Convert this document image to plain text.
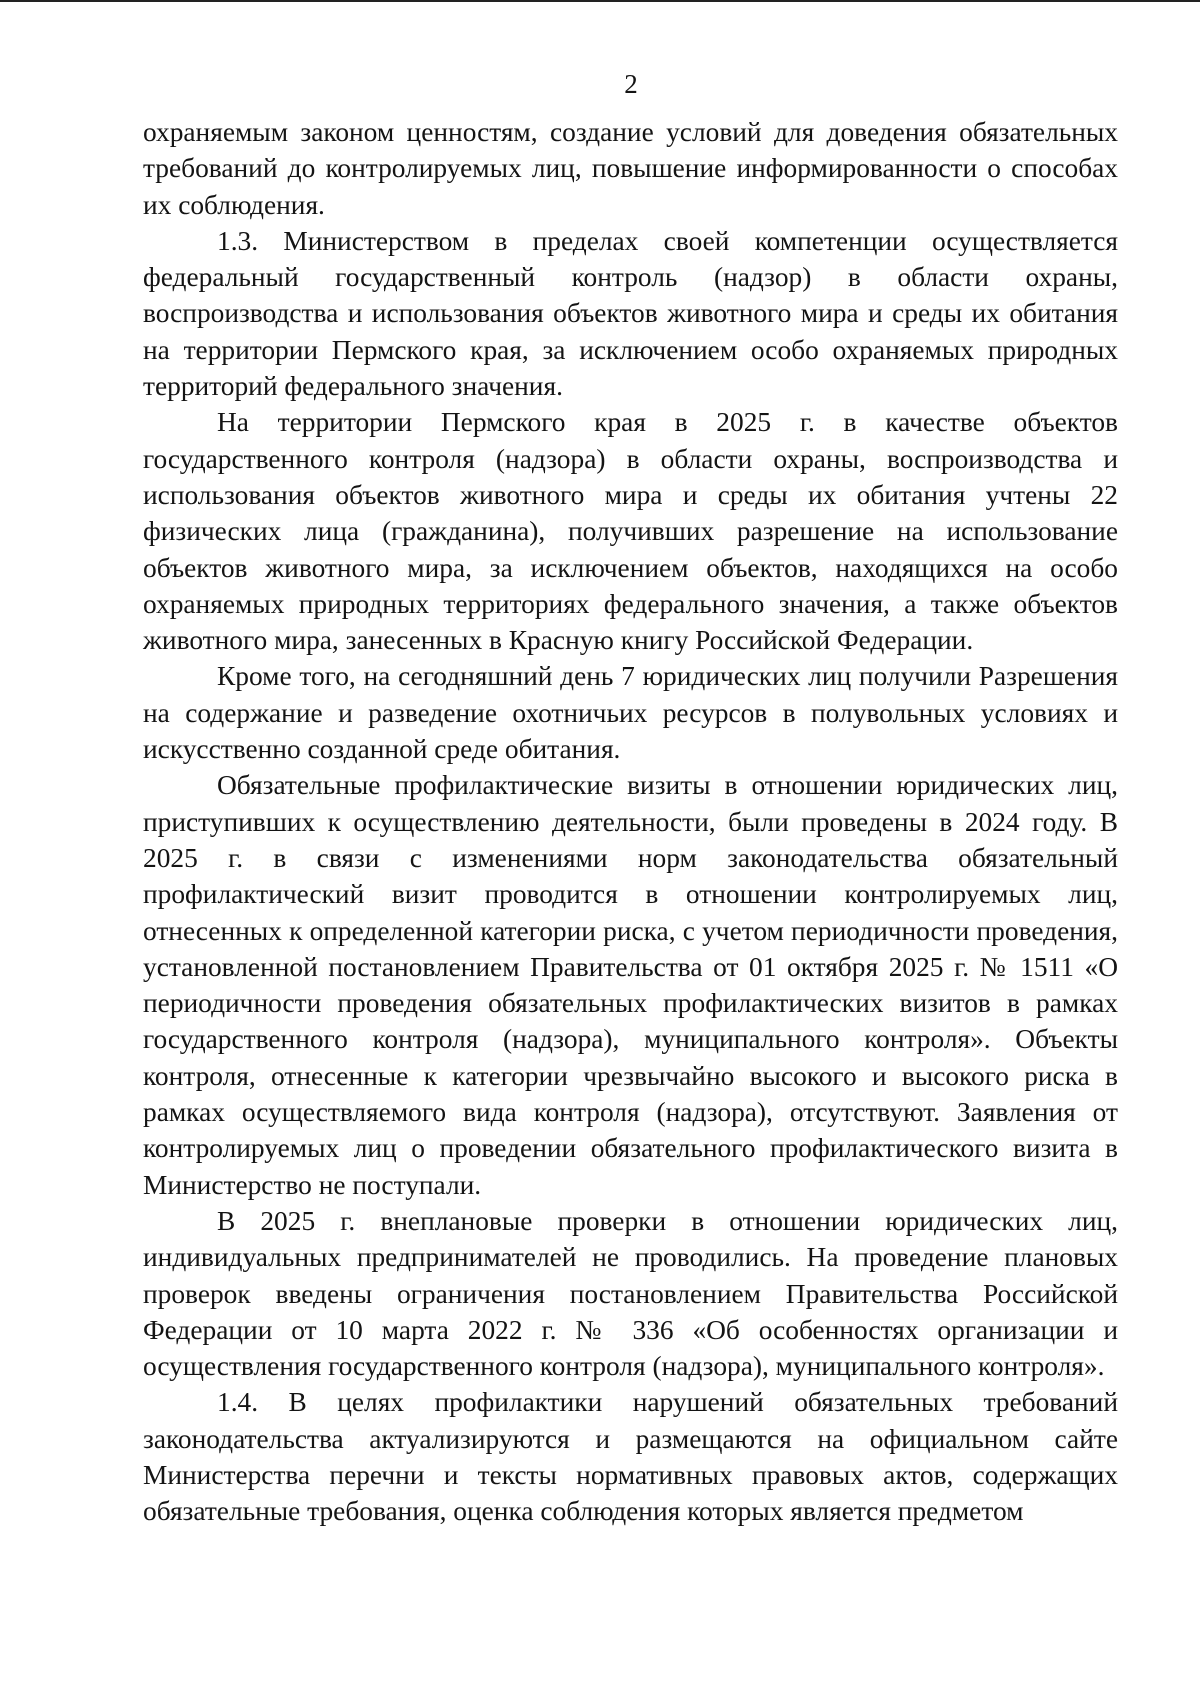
2

охраняемым законом ценностям, создание условий для доведения обязательных требований до контролируемых лиц, повышение информированности о способах их соблюдения.

1.3. Министерством в пределах своей компетенции осуществляется федеральный государственный контроль (надзор) в области охраны, воспроизводства и использования объектов животного мира и среды их обитания на территории Пермского края, за исключением особо охраняемых природных территорий федерального значения.

На территории Пермского края в 2025 г. в качестве объектов государственного контроля (надзора) в области охраны, воспроизводства и использования объектов животного мира и среды их обитания учтены 22 физических лица (гражданина), получивших разрешение на использование объектов животного мира, за исключением объектов, находящихся на особо охраняемых природных территориях федерального значения, а также объектов животного мира, занесенных в Красную книгу Российской Федерации.

Кроме того, на сегодняшний день 7 юридических лиц получили Разрешения на содержание и разведение охотничьих ресурсов в полувольных условиях и искусственно созданной среде обитания.

Обязательные профилактические визиты в отношении юридических лиц, приступивших к осуществлению деятельности, были проведены в 2024 году. В 2025 г. в связи с изменениями норм законодательства обязательный профилактический визит проводится в отношении контролируемых лиц, отнесенных к определенной категории риска, с учетом периодичности проведения, установленной постановлением Правительства от 01 октября 2025 г. № 1511 «О периодичности проведения обязательных профилактических визитов в рамках государственного контроля (надзора), муниципального контроля». Объекты контроля, отнесенные к категории чрезвычайно высокого и высокого риска в рамках осуществляемого вида контроля (надзора), отсутствуют. Заявления от контролируемых лиц о проведении обязательного профилактического визита в Министерство не поступали.

В 2025 г. внеплановые проверки в отношении юридических лиц, индивидуальных предпринимателей не проводились. На проведение плановых проверок введены ограничения постановлением Правительства Российской Федерации от 10 марта 2022 г. № 336 «Об особенностях организации и осуществления государственного контроля (надзора), муниципального контроля».

1.4. В целях профилактики нарушений обязательных требований законодательства актуализируются и размещаются на официальном сайте Министерства перечни и тексты нормативных правовых актов, содержащих обязательные требования, оценка соблюдения которых является предметом
